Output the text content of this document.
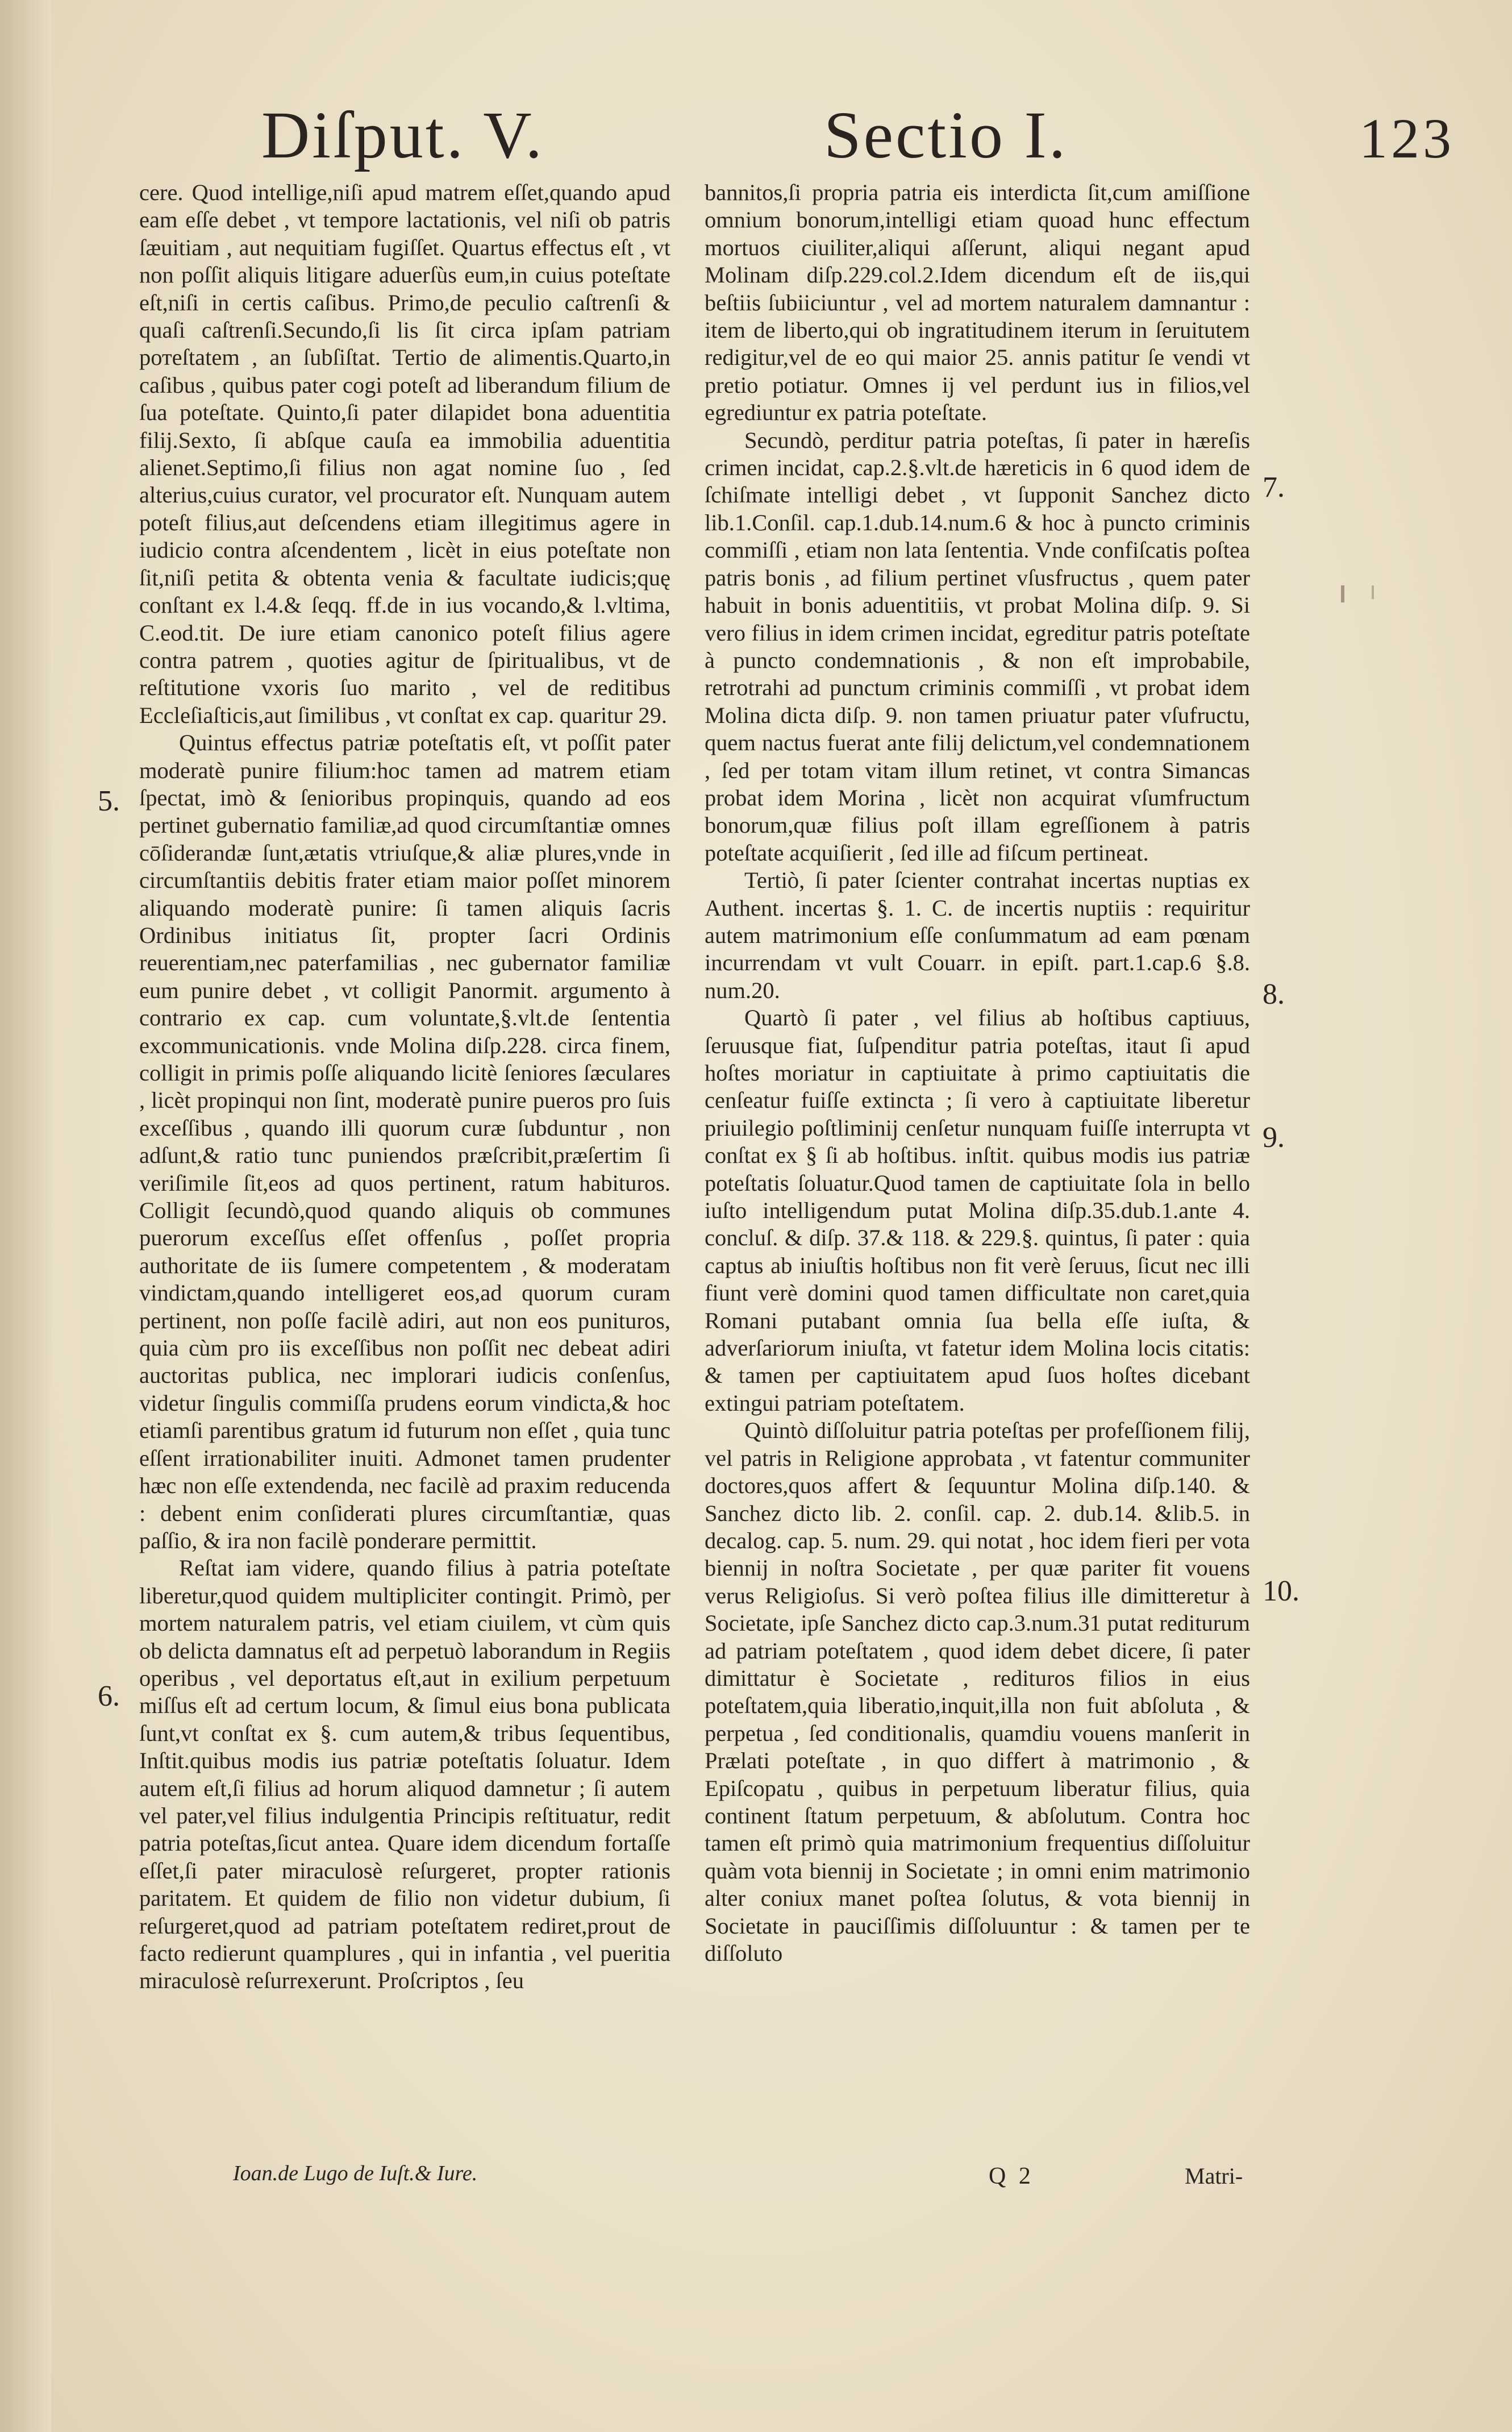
Diſput. V.	Sectio I.	123

cere. Quod intellige,niſi apud matrem eſſet,quando apud eam eſſe debet , vt tempore lactationis, vel niſi ob patris ſæuitiam , aut nequitiam fugiſſet. Quartus effectus eſt , vt non poſſit aliquis litigare aduerſùs eum,in cuius poteſtate eſt,niſi in certis caſibus. Primo,de peculio caſtrenſi & quaſi caſtrenſi.Secundo,ſi lis ſit circa ipſam patriam ротеſtatem , an ſubſiſtat. Tertio de alimentis.Quarto,in caſibus , quibus pater cogi poteſt ad liberandum filium de ſua poteſtate. Quinto,ſi pater dilapidet bona aduentitia filij.Sexto, ſi abſque cauſa ea immobilia aduentitia alienet.Septimo,ſi filius non agat nomine ſuo , ſed alterius,cuius curator, vel procurator eſt. Nunquam autem poteſt filius,aut deſcendens etiam illegitimus agere in iudicio contra aſcendentem , licèt in eius poteſtate non ſit,niſi petita & obtenta venia & facultate iudicis;quę conſtant ex l.4.& ſeqq. ff.de in ius vocando,& l.vltima, C.eod.tit. De iure etiam canonico poteſt filius agere contra patrem , quoties agitur de ſpiritualibus, vt de reſtitutione vxoris ſuo marito , vel de reditibus Eccleſiaſticis,aut ſimilibus , vt conſtat ex cap. quaritur 29.

Quintus effectus patriæ poteſtatis eſt, vt poſſit pater moderatè punire filium:hoc tamen ad matrem etiam ſpectat, imò & ſenioribus propinquis, quando ad eos pertinet gubernatio familiæ,ad quod circumſtantiæ omnes cōſiderandæ ſunt,ætatis vtriuſque,& aliæ plures,vnde in circumſtantiis debitis frater etiam maior poſſet minorem aliquando moderatè punire: ſi tamen aliquis ſacris Ordinibus initiatus ſit, propter ſacri Ordinis reuerentiam,nec paterfamilias , nec gubernator familiæ eum punire debet , vt colligit Panormit. argumento à contrario ex cap. cum voluntate,§.vlt.de ſententia excommunicationis. vnde Molina diſp.228. circa finem, colligit in primis poſſe aliquando licitè ſeniores ſæculares , licèt propinqui non ſint, moderatè punire pueros pro ſuis exceſſibus , quando illi quorum curæ ſubduntur , non adſunt,& ratio tunc puniendos præſcribit,præſertim ſi veriſimile ſit,eos ad quos pertinent, ratum habituros. Colligit ſecundò,quod quando aliquis ob communes puerorum exceſſus eſſet offenſus , poſſet propria authoritate de iis ſumere competentem , & moderatam vindictam,quando intelligeret eos,ad quorum curam pertinent, non poſſe facilè adiri, aut non eos punituros, quia cùm pro iis exceſſibus non poſſit nec debeat adiri auctoritas publica, nec implorari iudicis conſenſus, videtur ſingulis commiſſa prudens eorum vindicta,& hoc etiamſi parentibus gratum id futurum non eſſet , quia tunc eſſent irrationabiliter inuiti. Admonet tamen prudenter hæc non eſſe extendenda, nec facilè ad praxim reducenda : debent enim conſiderati plures circumſtantiæ, quas paſſio, & ira non facilè ponderare permittit.

Reſtat iam videre, quando filius à patria poteſtate liberetur,quod quidem multipliciter contingit. Primò, per mortem naturalem patris, vel etiam ciuilem, vt cùm quis ob delicta damnatus eſt ad perpetuò laborandum in Regiis operibus , vel deportatus eſt,aut in exilium perpetuum miſſus eſt ad certum locum, & ſimul eius bona publicata ſunt,vt conſtat ex §. cum autem,& tribus ſequentibus, Inſtit.quibus modis ius patriæ poteſtatis ſoluatur. Idem autem eſt,ſi filius ad horum aliquod damnetur ; ſi autem vel pater,vel filius indulgentia Principis reſtituatur, redit patria poteſtas,ſicut antea. Quare idem dicendum fortaſſe eſſet,ſi pater miraculosè reſurgeret, propter rationis paritatem. Et quidem de filio non videtur dubium, ſi reſurgeret,quod ad patriam poteſtatem rediret,prout de facto redierunt quamplures , qui in infantia , vel pueritia miraculosè reſurrexerunt. Proſcriptos , ſeu

bannitos,ſi propria patria eis interdicta ſit,cum amiſſione omnium bonorum,intelligi etiam quoad hunc effectum mortuos ciuiliter,aliqui aſſerunt, aliqui negant apud Molinam diſp.229.col.2.Idem dicendum eſt de iis,qui beſtiis ſubiiciuntur , vel ad mortem naturalem damnantur : item de liberto,qui ob ingratitudinem iterum in ſeruitutem redigitur,vel de eo qui maior 25. annis patitur ſe vendi vt pretio potiatur. Omnes ij vel perdunt ius in filios,vel egrediuntur ex patria poteſtate.

Secundò, perditur patria poteſtas, ſi pater in hæreſis crimen incidat, cap.2.§.vlt.de hæreticis in 6 quod idem de ſchiſmate intelligi debet , vt ſupponit Sanchez dicto lib.1.Conſil. cap.1.dub.14.num.6 & hoc à puncto criminis commiſſi , etiam non lata ſententia. Vnde confiſcatis poſtea patris bonis , ad filium pertinet vſusfructus , quem pater habuit in bonis aduentitiis, vt probat Molina diſp. 9. Si vero filius in idem crimen incidat, egreditur patris poteſtate à puncto condemnationis , & non eſt improbabile, retrotrahi ad punctum criminis commiſſi , vt probat idem Molina dicta diſp. 9. non tamen priuatur pater vſufructu, quem nactus fuerat ante filij delictum,vel condemnationem , ſed per totam vitam illum retinet, vt contra Simancas probat idem Morina , licèt non acquirat vſumfructum bonorum,quæ filius poſt illam egreſſionem à patris poteſtate acquiſierit , ſed ille ad fiſcum pertineat.

Tertiò, ſi pater ſcienter contrahat incertas nuptias ex Authent. incertas §. 1. C. de incertis nuptiis : requiritur autem matrimonium eſſe conſummatum ad eam pœnam incurrendam vt vult Couarr. in epiſt. part.1.cap.6 §.8. num.20.

Quartò ſi pater , vel filius ab hoſtibus captiuus, ſeruusque fiat, ſuſpenditur patria poteſtas, itaut ſi apud hoſtes moriatur in captiuitate à primo captiuitatis die cenſeatur fuiſſe extincta ; ſi vero à captiuitate liberetur priuilegio poſtliminij cenſetur nunquam fuiſſe interrupta vt conſtat ex § ſi ab hoſtibus. inſtit. quibus modis ius patriæ poteſtatis ſoluatur.Quod tamen de captiuitate ſola in bello iuſto intelligendum putat Molina diſp.35.dub.1.ante 4. concluſ. & diſp. 37.& 118. & 229.§. quintus, ſi pater : quia captus ab iniuſtis hoſtibus non fit verè ſeruus, ſicut nec illi fiunt verè domini quod tamen difficultate non caret,quia Romani putabant omnia ſua bella eſſe iuſta, & adverſariorum iniuſta, vt fatetur idem Molina locis citatis: & tamen per captiuitatem apud ſuos hoſtes dicebant extingui patriam poteſtatem.

Quintò diſſoluitur patria poteſtas per profeſſionem filij, vel patris in Religione approbata , vt fatentur communiter doctores,quos affert & ſequuntur Molina diſp.140. & Sanchez dicto lib. 2. conſil. cap. 2. dub.14. &lib.5. in decalog. cap. 5. num. 29. qui notat , hoc idem fieri per vota biennij in noſtra Societate , per quæ pariter fit vouens verus Religioſus. Si verò poſtea filius ille dimitteretur à Societate, ipſe Sanchez dicto cap.3.num.31 putat rediturum ad patriam poteſtatem , quod idem debet dicere, ſi pater dimittatur è Societate , redituros filios in eius poteſtatem,quia liberatio,inquit,illa non fuit abſoluta , & perpetua , ſed conditionalis, quamdiu vouens manſerit in Prælati poteſtate , in quo differt à matrimonio , & Epiſcopatu , quibus in perpetuum liberatur filius, quia continent ſtatum perpetuum, & abſolutum. Contra hoc tamen eſt primò quia matrimonium frequentius diſſoluitur quàm vota biennij in Societate ; in omni enim matrimonio alter coniux manet poſtea ſolutus, & vota biennij in Societate in pauciſſimis diſſoluuntur : & tamen per te diſſoluto

5.
6.
7.
8.
9.
10.
Ioan.de Lugo de Iuſt.& Iure.	Q 2	Matri-
